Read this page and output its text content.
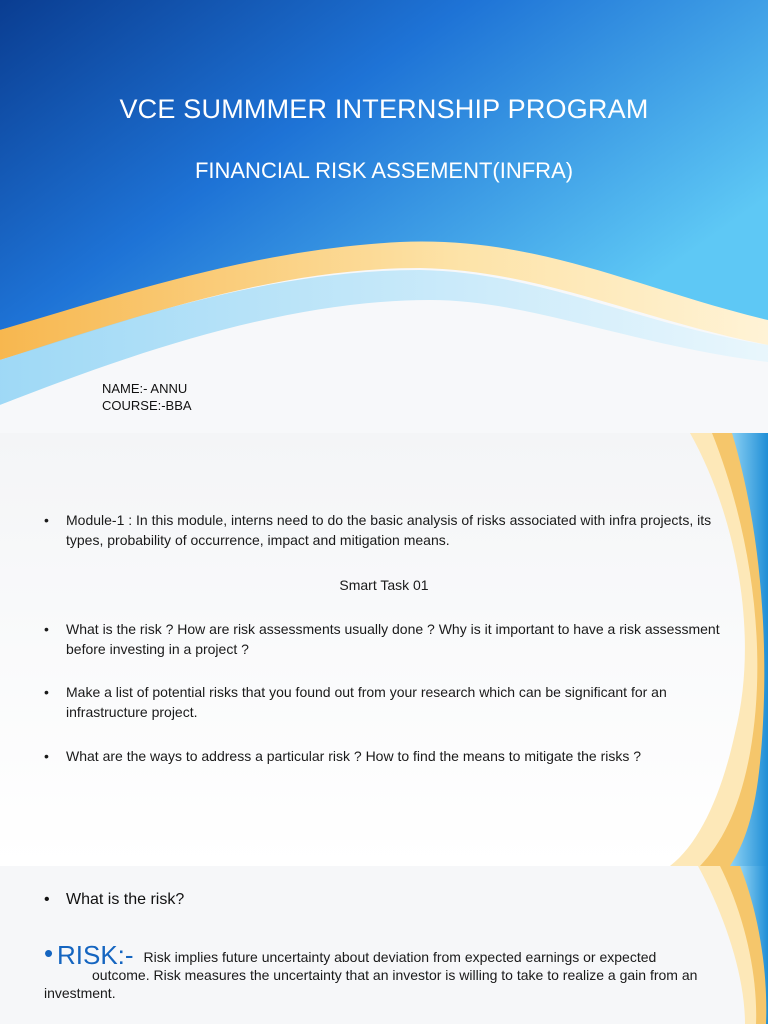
VCE SUMMMER INTERNSHIP PROGRAM
FINANCIAL RISK ASSEMENT(INFRA)
NAME:- ANNU
COURSE:-BBA
• Module-1 : In this module, interns need to do the basic analysis of risks associated with infra projects, its types, probability of occurrence, impact and mitigation means.
Smart Task 01
• What is the risk ? How are risk assessments usually done ? Why is it important to have a risk assessment before investing in a project ?
• Make a list of potential risks that you found out from your research which can be significant for an infrastructure project.
• What are the ways to address a particular risk ? How to find the means to mitigate the risks ?
• What is the risk?
• RISK:- Risk implies future uncertainty about deviation from expected earnings or expected
outcome. Risk measures the uncertainty that an investor is willing to take to realize a gain from an
investment.
